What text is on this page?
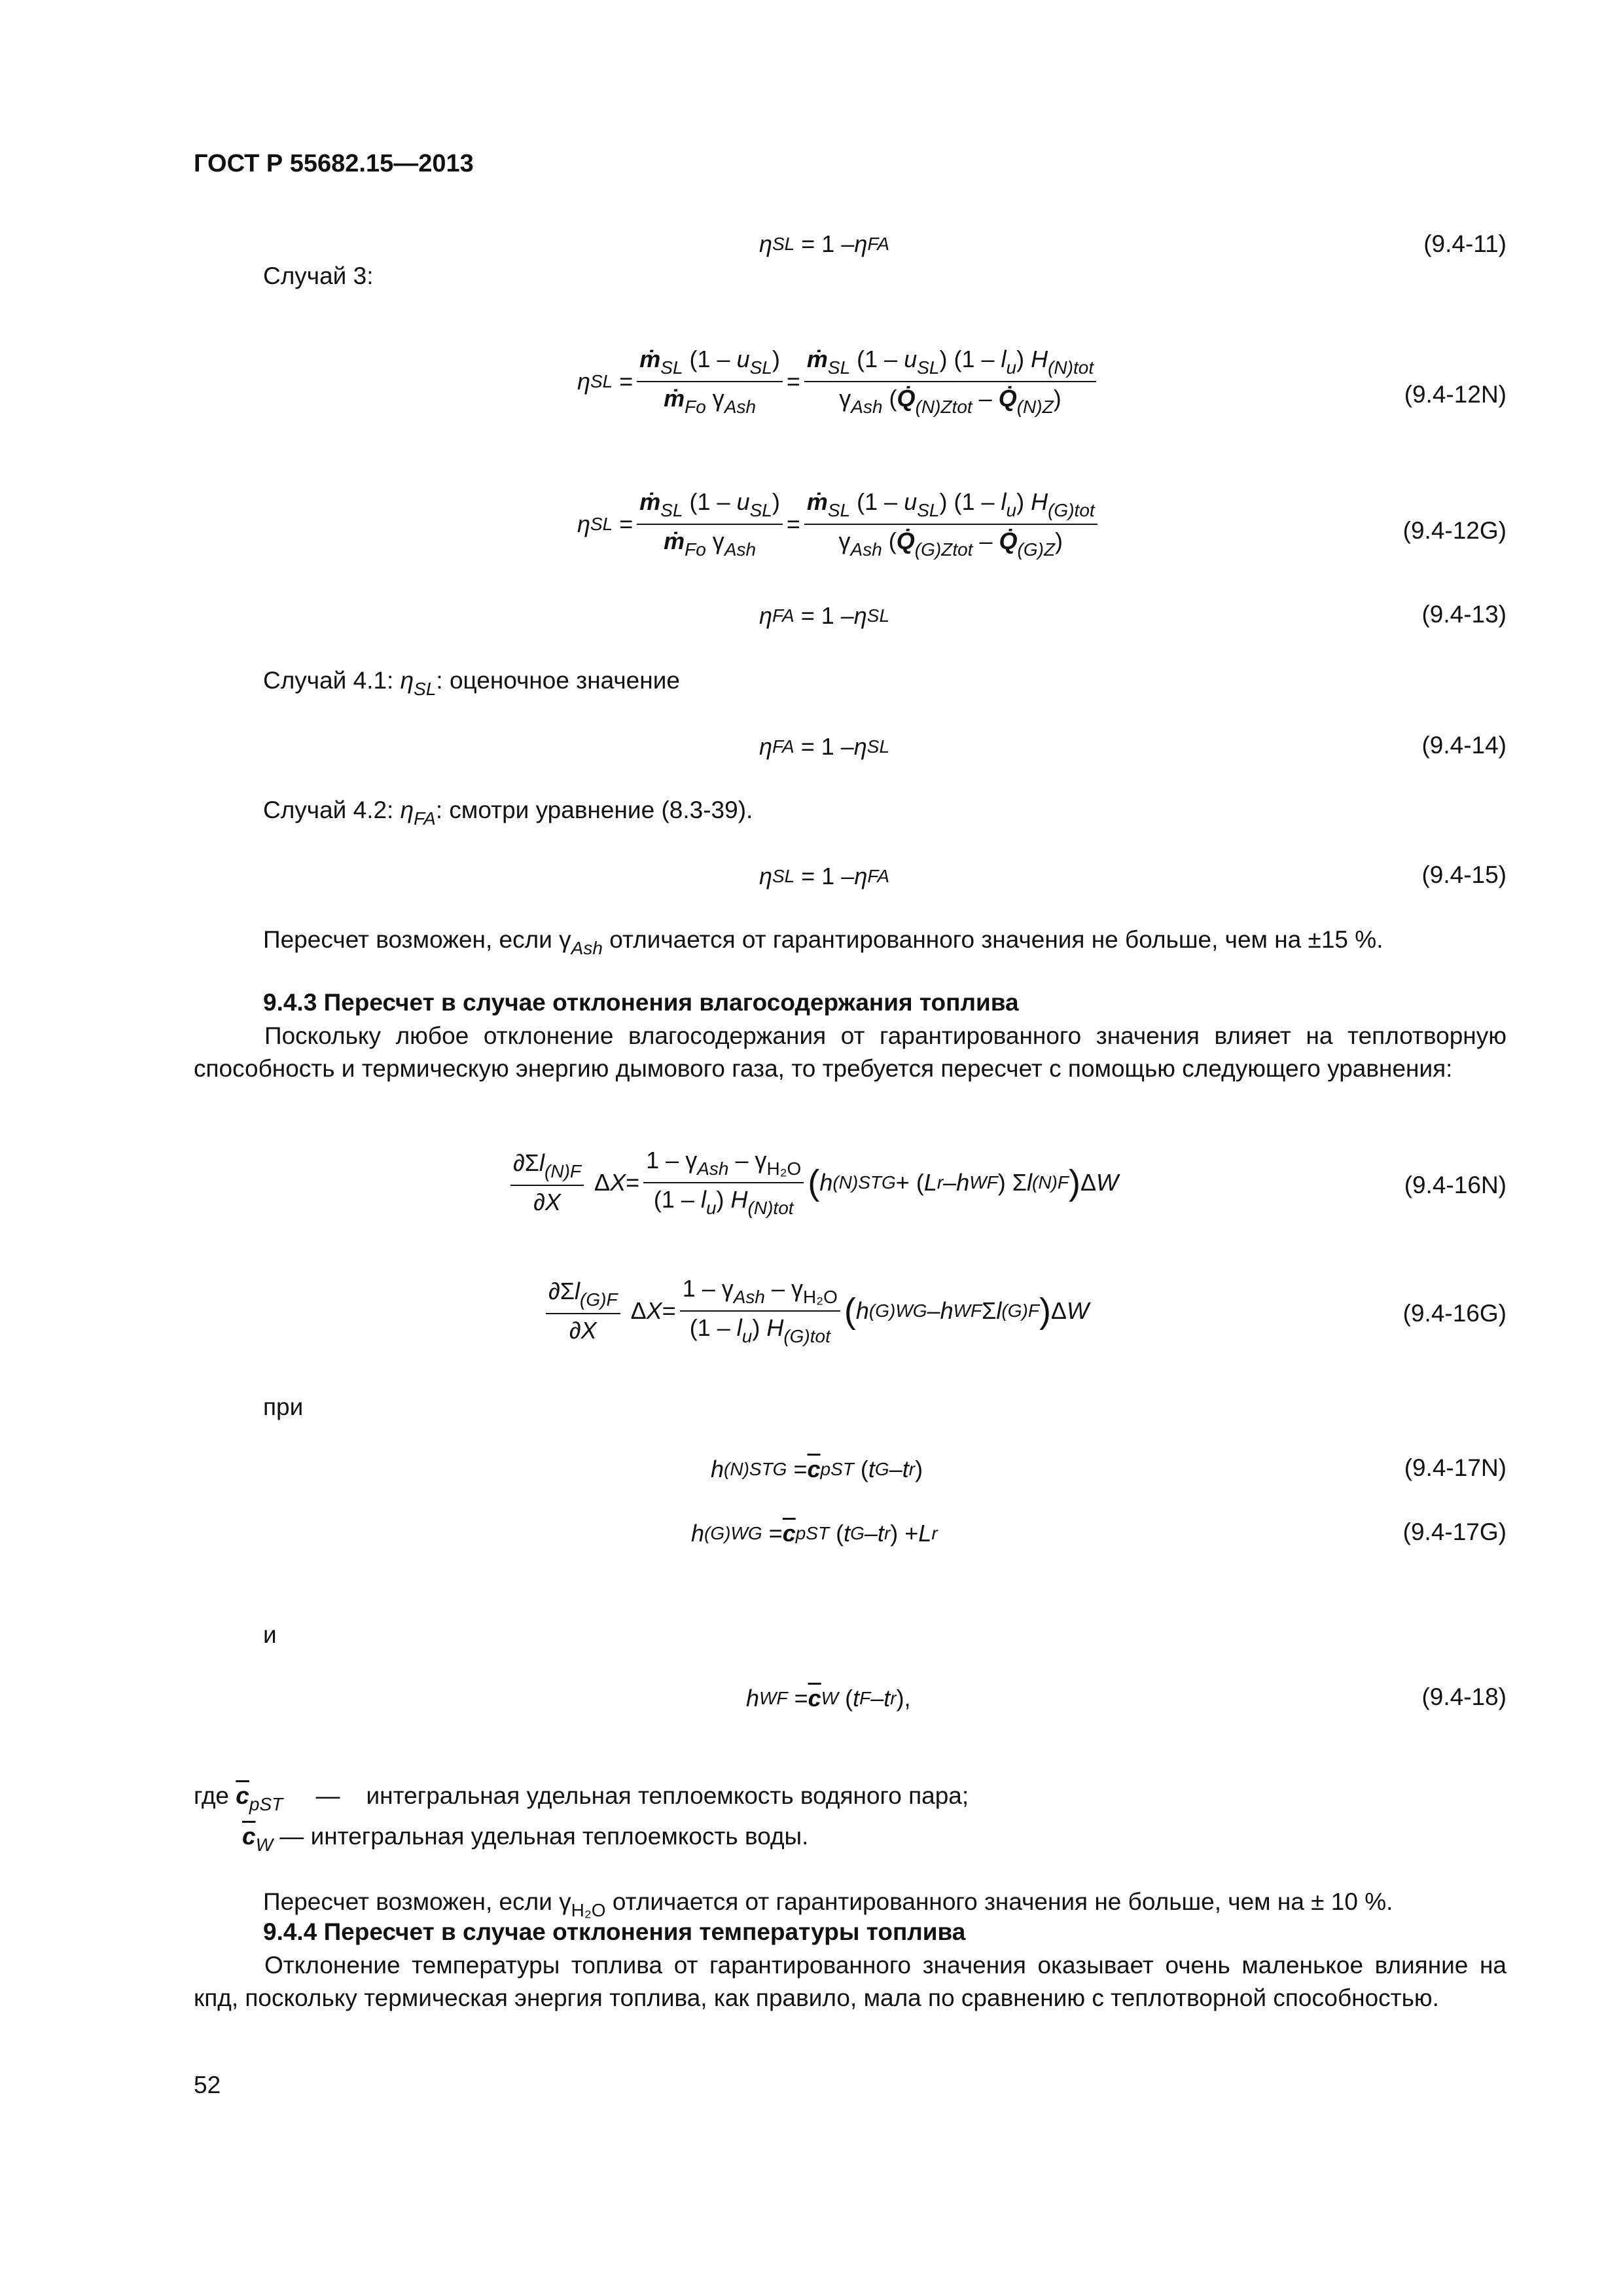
ГОСТ Р 55682.15—2013
η SL = 1 – η FA	(9.4-11)
Случай 3:
η SL = $\frac{ṁ_{SL} (1 - u_{SL})}{ṁ_{Fo} \gamma_{Ash}} = \frac{ṁ_{SL} (1 - u_{SL}) (1 - l_u) H_{(N)tot}}{\gamma_{Ash} (Q̇_{(N)Ztot} - Q̇_{(N)Z})}$	(9.4-12N)
η SL = $\frac{ṁ_{SL} (1 - u_{SL})}{ṁ_{Fo} \gamma_{Ash}} = \frac{ṁ_{SL} (1 - u_{SL}) (1 - l_u) H_{(G)tot}}{\gamma_{Ash} (Q̇_{(G)Ztot} - Q̇_{(G)Z})}$	(9.4-12G)
η FA = 1 – η SL	(9.4-13)
Случай 4.1: $\eta_{SL}$: оценочное значение
η FA = 1 – η SL	(9.4-14)
Случай 4.2: $\eta_{FA}$: смотри уравнение (8.3-39).
η SL = 1 – η FA	(9.4-15)
Пересчет возможен, если $\gamma_{Ash}$ отличается от гарантированного значения не больше, чем на ±15 %.
9.4.3 Пересчет в случае отклонения влагосодержания топлива
Поскольку любое отклонение влагосодержания от гарантированного значения влияет на теплотворную способность и термическую энергию дымового газа, то требуется пересчет с помощью следующего уравнения:
$\frac{\partial\Sigma l_{(N)F}}{\partial X}$ Δ $X = \frac{1 - \gamma_{Ash} - \gamma_{H_2O}}{(1 - l_u) H_{(N)tot}}$ ( h (N)STG + ( L r – h WF ) Σ l (N)F ) Δ W	(9.4-16N)
$\frac{\partial\Sigma l_{(G)F}}{\partial X}$ Δ $X = \frac{1 - \gamma_{Ash} - \gamma_{H_2O}}{(1 - l_u) H_{(G)tot}}$ ( h (G)WG – h WF Σ l (G)F ) Δ W	(9.4-16G)
при
h $(N)STG = \overline{c}$ pST ( t G – t r )	(9.4-17N)
h $(G)WG = \overline{c}$ pST ( t G – t r ) + L r	(9.4-17G)
и
h WF = $\overline{c}$ W ( t F – t r ),	(9.4-18)
где $\overline{c}_{pST}$ — интегральная удельная теплоемкость водяного пара;
$\overline{c}_W$ — интегральная удельная теплоемкость воды.
Пересчет возможен, если $\gamma_{H_2O}$ отличается от гарантированного значения не больше, чем на ± 10 %.
9.4.4 Пересчет в случае отклонения температуры топлива
Отклонение температуры топлива от гарантированного значения оказывает очень маленькое влияние на кпд, поскольку термическая энергия топлива, как правило, мала по сравнению с теплотворной способностью.
52
